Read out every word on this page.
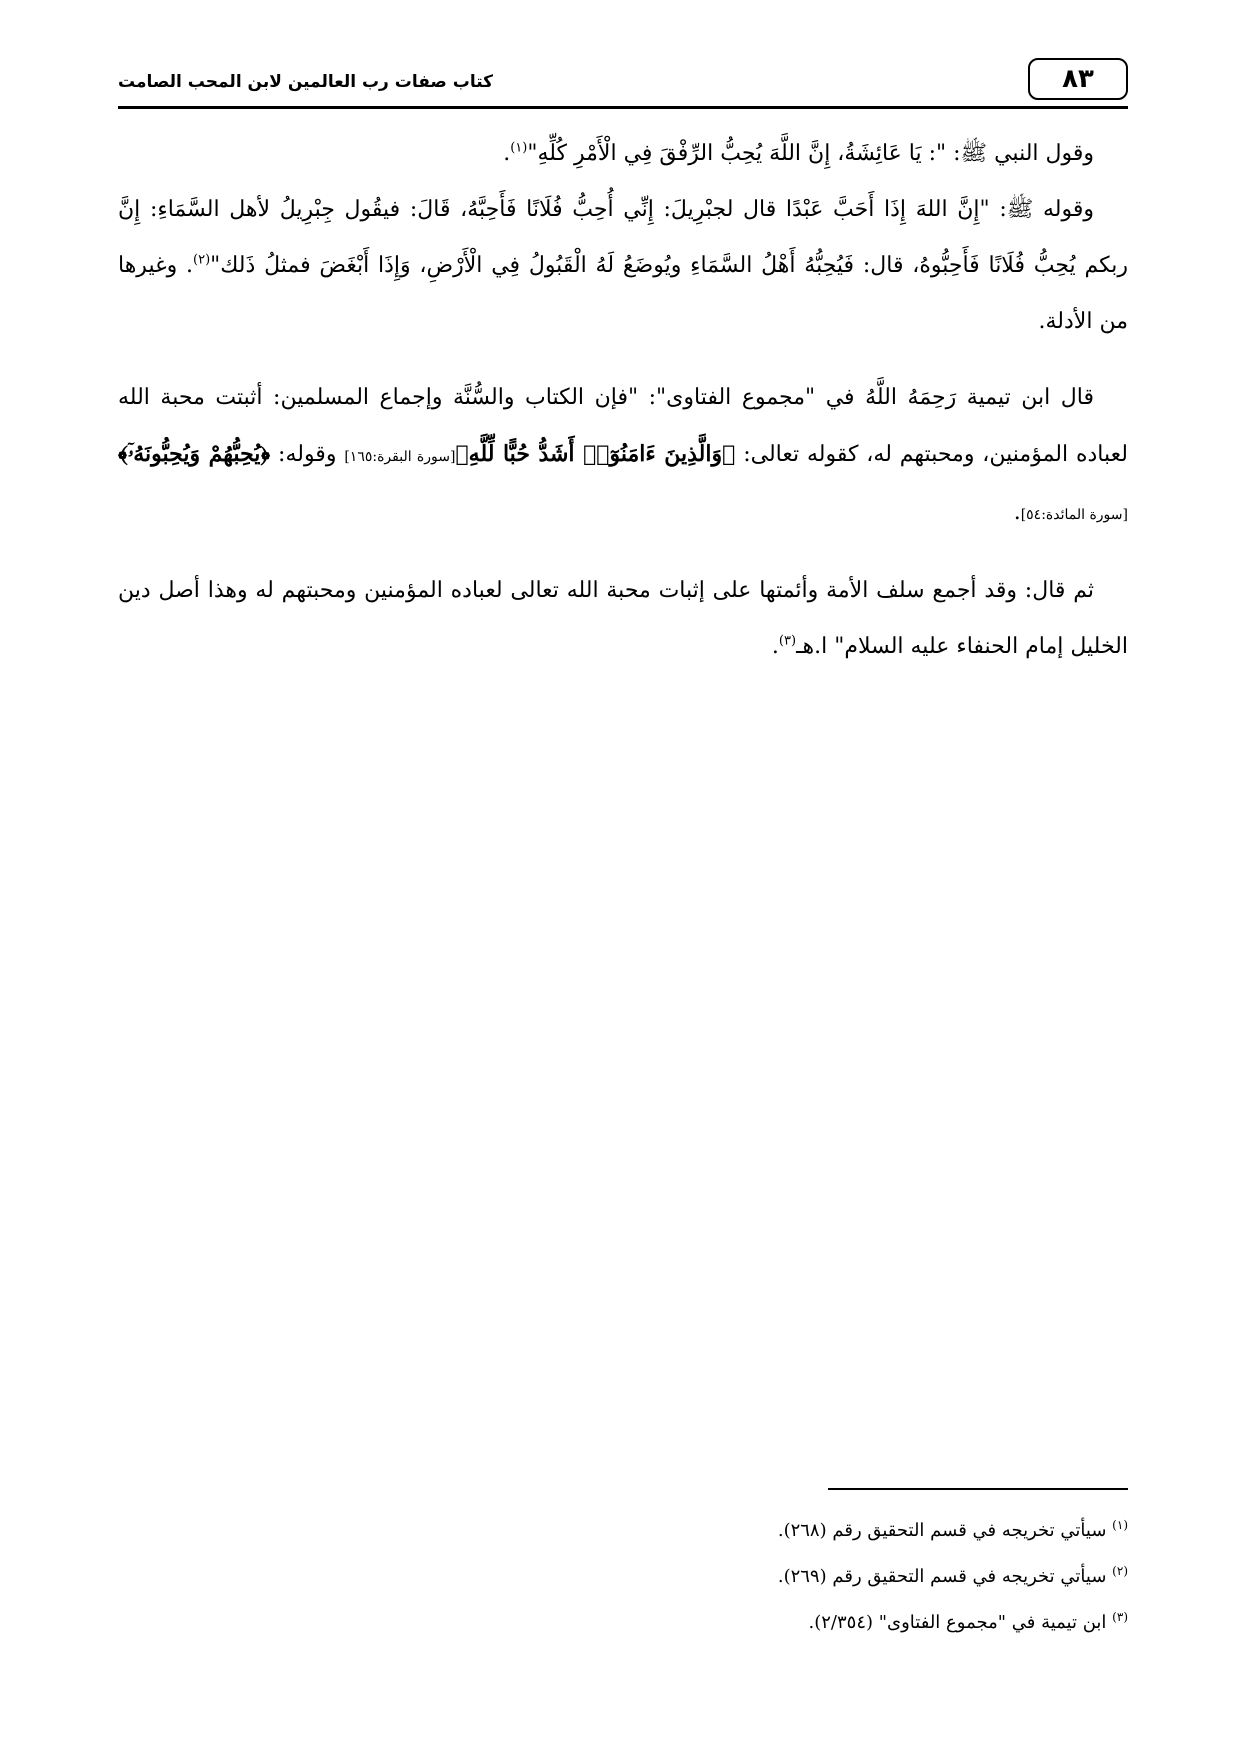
كتاب صفات رب العالمين لابن المحب الصامت	٨٣

وقول النبي ﷺ: ": يَا عَائِشَةُ، إِنَّ اللَّهَ يُحِبُّ الرِّفْقَ فِي الْأَمْرِ كُلِّهِ"$^{(١)}$.

وقوله ﷺ: "إِنَّ اللهَ إِذَا أَحَبَّ عَبْدًا قال لجبْرِيلَ: إِنِّي أُحِبُّ فُلَانًا فَأَحِبَّهُ، قَالَ: فيقُول جِبْرِيلُ لأهل السَّمَاءِ: إِنَّ ربكم يُحِبُّ فُلَانًا فَأَحِبُّوهُ، قال: فَيُحِبُّهُ أَهْلُ السَّمَاءِ ويُوضَعُ لَهُ الْقَبُولُ فِي الْأَرْضِ، وَإِذَا أَبْغَضَ فمثلُ ذَلك"$^{(٢)}$. وغيرها من الأدلة.

قال ابن تيمية رَحِمَهُ اللَّهُ في "مجموع الفتاوى": "فإن الكتاب والسُّنَّة وإجماع المسلمين: أثبتت محبة الله لعباده المؤمنين، ومحبتهم له، كقوله تعالى: ﴿وَالَّذِينَ ءَامَنُوٓا۟ أَشَدُّ حُبًّا لِّلَّهِ﴾[سورة البقرة:١٦٥] وقوله: ﴿يُحِبُّهُمْ وَيُحِبُّونَهُۥٓ﴾[سورة المائدة:٥٤].

ثم قال: وقد أجمع سلف الأمة وأئمتها على إثبات محبة الله تعالى لعباده المؤمنين ومحبتهم له وهذا أصل دين الخليل إمام الحنفاء عليه السلام" ا.هـ$^{(٣)}$.

$^{(١)}$ سيأتي تخريجه في قسم التحقيق رقم (٢٦٨).

$^{(٢)}$ سيأتي تخريجه في قسم التحقيق رقم (٢٦٩).

$^{(٣)}$ ابن تيمية في "مجموع الفتاوى" (٢/٣٥٤).
